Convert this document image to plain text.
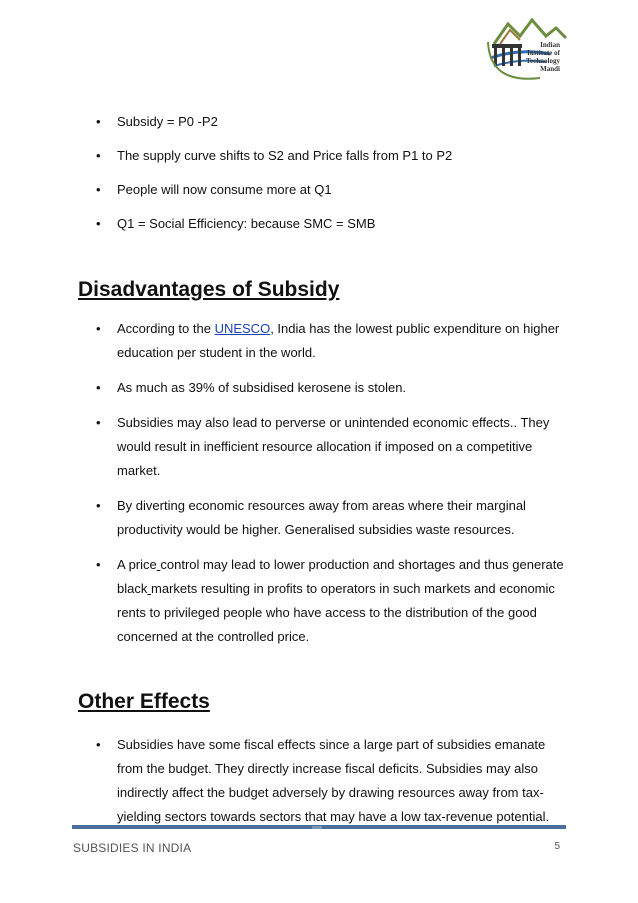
Indian
Institute of
Technology
Mandi
• Subsidy = P0 -P2
• The supply curve shifts to S2 and Price falls from P1 to P2
• People will now consume more at Q1
• Q1 = Social Efficiency: because SMC = SMB
Disadvantages of Subsidy
• According to the UNESCO, India has the lowest public expenditure on higher education per student in the world.
• As much as 39% of subsidised kerosene is stolen.
• Subsidies may also lead to perverse or unintended economic effects.. They would result in inefficient resource allocation if imposed on a competitive market.
• By diverting economic resources away from areas where their marginal productivity would be higher. Generalised subsidies waste resources.
• A price control may lead to lower production and shortages and thus generate black markets resulting in profits to operators in such markets and economic rents to privileged people who have access to the distribution of the good concerned at the controlled price.
Other Effects
• Subsidies have some fiscal effects since a large part of subsidies emanate from the budget. They directly increase fiscal deficits. Subsidies may also indirectly affect the budget adversely by drawing resources away from tax-yielding sectors towards sectors that may have a low tax-revenue potential.
SUBSIDIES IN INDIA	5
